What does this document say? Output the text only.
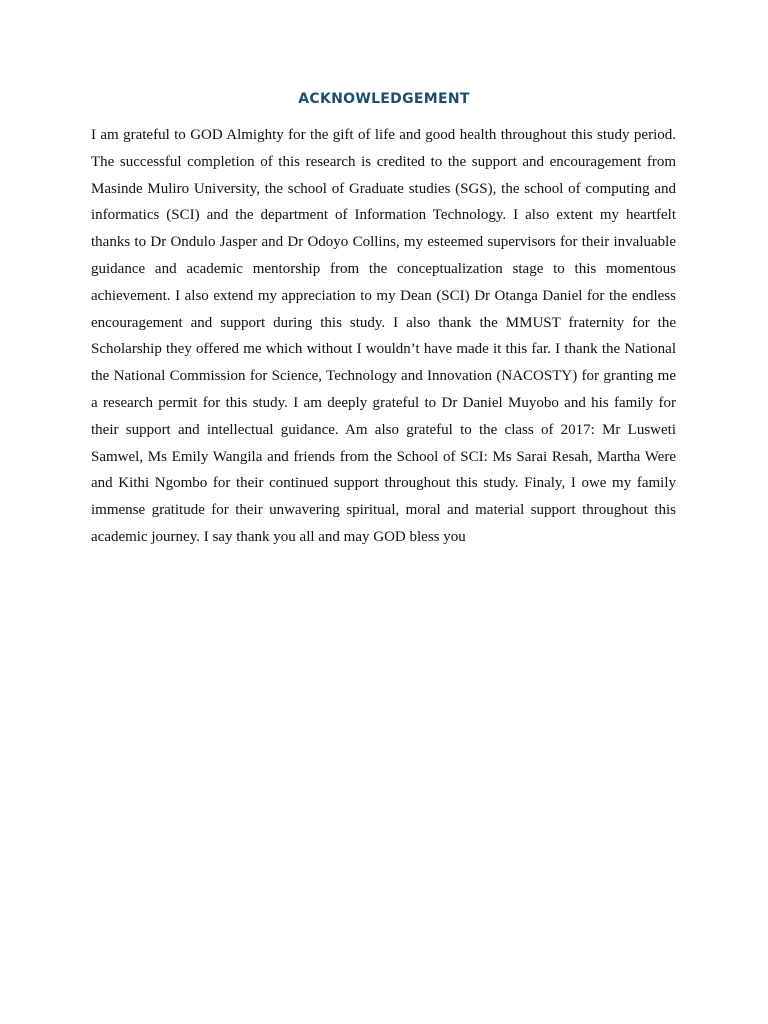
ACKNOWLEDGEMENT

I am grateful to GOD Almighty for the gift of life and good health throughout this study period. The successful completion of this research is credited to the support and encouragement from Masinde Muliro University, the school of Graduate studies (SGS), the school of computing and informatics (SCI) and the department of Information Technology. I also extent my heartfelt thanks to Dr Ondulo Jasper and Dr Odoyo Collins, my esteemed supervisors for their invaluable guidance and academic mentorship from the conceptualization stage to this momentous achievement. I also extend my appreciation to my Dean (SCI) Dr Otanga Daniel for the endless encouragement and support during this study. I also thank the MMUST fraternity for the Scholarship they offered me which without I wouldn’t have made it this far. I thank the National the National Commission for Science, Technology and Innovation (NACOSTY) for granting me a research permit for this study. I am deeply grateful to Dr Daniel Muyobo and his family for their support and intellectual guidance. Am also grateful to the class of 2017: Mr Lusweti Samwel, Ms Emily Wangila and friends from the School of SCI: Ms Sarai Resah, Martha Were and Kithi Ngombo for their continued support throughout this study. Finaly, I owe my family immense gratitude for their unwavering spiritual, moral and material support throughout this academic journey. I say thank you all and may GOD bless you
